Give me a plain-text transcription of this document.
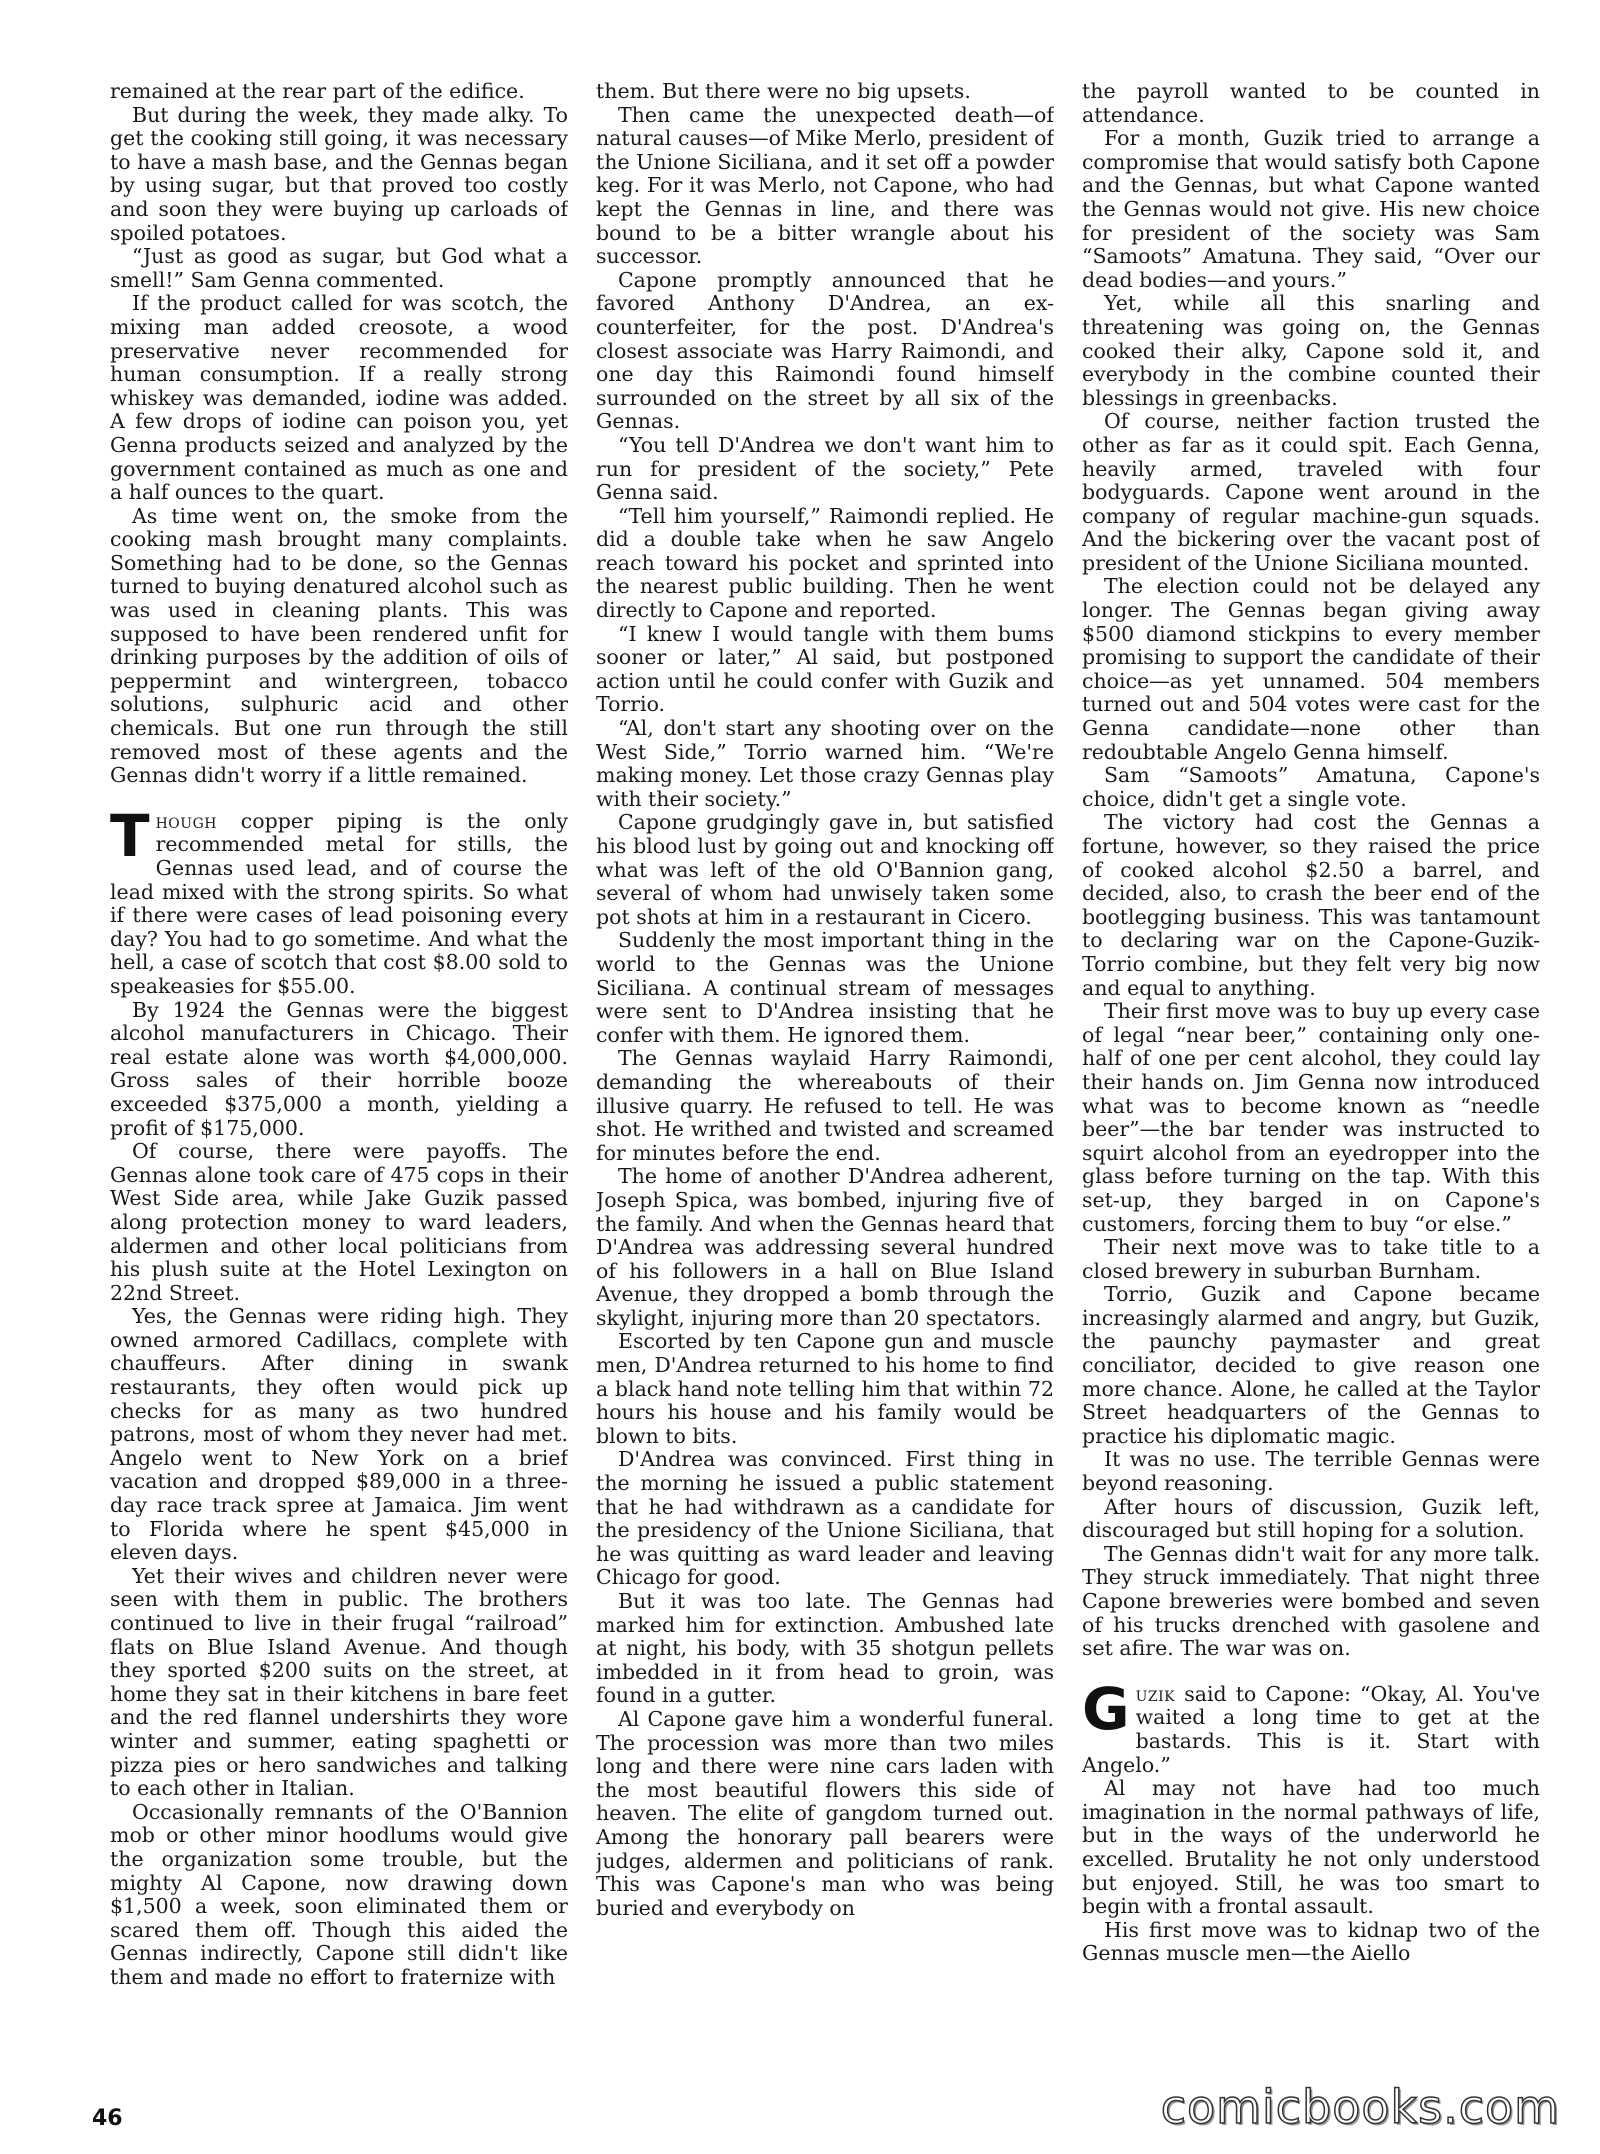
remained at the rear part of the edifice.

But during the week, they made alky. To get the cooking still going, it was necessary to have a mash base, and the Gennas began by using sugar, but that proved too costly and soon they were buying up carloads of spoiled potatoes.

“Just as good as sugar, but God what a smell!” Sam Genna commented.

If the product called for was scotch, the mixing man added creosote, a wood preservative never recommended for human consumption. If a really strong whiskey was demanded, iodine was added. A few drops of iodine can poison you, yet Genna products seized and analyzed by the government contained as much as one and a half ounces to the quart.

As time went on, the smoke from the cooking mash brought many complaints. Something had to be done, so the Gennas turned to buying denatured alcohol such as was used in cleaning plants. This was supposed to have been rendered unfit for drinking purposes by the addition of oils of peppermint and wintergreen, tobacco solutions, sulphuric acid and other chemicals. But one run through the still removed most of these agents and the Gennas didn't worry if a little remained.

Though copper piping is the only recommended metal for stills, the Gennas used lead, and of course the lead mixed with the strong spirits. So what if there were cases of lead poisoning every day? You had to go sometime. And what the hell, a case of scotch that cost $8.00 sold to speakeasies for $55.00.

By 1924 the Gennas were the biggest alcohol manufacturers in Chicago. Their real estate alone was worth $4,000,000. Gross sales of their horrible booze exceeded $375,000 a month, yielding a profit of $175,000.

Of course, there were payoffs. The Gennas alone took care of 475 cops in their West Side area, while Jake Guzik passed along protection money to ward leaders, aldermen and other local politicians from his plush suite at the Hotel Lexington on 22nd Street.

Yes, the Gennas were riding high. They owned armored Cadillacs, complete with chauffeurs. After dining in swank restaurants, they often would pick up checks for as many as two hundred patrons, most of whom they never had met. Angelo went to New York on a brief vacation and dropped $89,000 in a three-day race track spree at Jamaica. Jim went to Florida where he spent $45,000 in eleven days.

Yet their wives and children never were seen with them in public. The brothers continued to live in their frugal “railroad” flats on Blue Island Avenue. And though they sported $200 suits on the street, at home they sat in their kitchens in bare feet and the red flannel undershirts they wore winter and summer, eating spaghetti or pizza pies or hero sandwiches and talking to each other in Italian.

Occasionally remnants of the O'Bannion mob or other minor hoodlums would give the organization some trouble, but the mighty Al Capone, now drawing down $1,500 a week, soon eliminated them or scared them off. Though this aided the Gennas indirectly, Capone still didn't like them and made no effort to fraternize with

them. But there were no big upsets.

Then came the unexpected death—of natural causes—of Mike Merlo, president of the Unione Siciliana, and it set off a powder keg. For it was Merlo, not Capone, who had kept the Gennas in line, and there was bound to be a bitter wrangle about his successor.

Capone promptly announced that he favored Anthony D'Andrea, an ex-counterfeiter, for the post. D'Andrea's closest associate was Harry Raimondi, and one day this Raimondi found himself surrounded on the street by all six of the Gennas.

“You tell D'Andrea we don't want him to run for president of the society,” Pete Genna said.

“Tell him yourself,” Raimondi replied. He did a double take when he saw Angelo reach toward his pocket and sprinted into the nearest public building. Then he went directly to Capone and reported.

“I knew I would tangle with them bums sooner or later,” Al said, but postponed action until he could confer with Guzik and Torrio.

“Al, don't start any shooting over on the West Side,” Torrio warned him. “We're making money. Let those crazy Gennas play with their society.”

Capone grudgingly gave in, but satisfied his blood lust by going out and knocking off what was left of the old O'Bannion gang, several of whom had unwisely taken some pot shots at him in a restaurant in Cicero.

Suddenly the most important thing in the world to the Gennas was the Unione Siciliana. A continual stream of messages were sent to D'Andrea insisting that he confer with them. He ignored them.

The Gennas waylaid Harry Raimondi, demanding the whereabouts of their illusive quarry. He refused to tell. He was shot. He writhed and twisted and screamed for minutes before the end.

The home of another D'Andrea adherent, Joseph Spica, was bombed, injuring five of the family. And when the Gennas heard that D'Andrea was addressing several hundred of his followers in a hall on Blue Island Avenue, they dropped a bomb through the skylight, injuring more than 20 spectators.

Escorted by ten Capone gun and muscle men, D'Andrea returned to his home to find a black hand note telling him that within 72 hours his house and his family would be blown to bits.

D'Andrea was convinced. First thing in the morning he issued a public statement that he had withdrawn as a candidate for the presidency of the Unione Siciliana, that he was quitting as ward leader and leaving Chicago for good.

But it was too late. The Gennas had marked him for extinction. Ambushed late at night, his body, with 35 shotgun pellets imbedded in it from head to groin, was found in a gutter.

Al Capone gave him a wonderful funeral. The procession was more than two miles long and there were nine cars laden with the most beautiful flowers this side of heaven. The elite of gangdom turned out. Among the honorary pall bearers were judges, aldermen and politicians of rank. This was Capone's man who was being buried and everybody on

the payroll wanted to be counted in attendance.

For a month, Guzik tried to arrange a compromise that would satisfy both Capone and the Gennas, but what Capone wanted the Gennas would not give. His new choice for president of the society was Sam “Samoots” Amatuna. They said, “Over our dead bodies—and yours.”

Yet, while all this snarling and threatening was going on, the Gennas cooked their alky, Capone sold it, and everybody in the combine counted their blessings in greenbacks.

Of course, neither faction trusted the other as far as it could spit. Each Genna, heavily armed, traveled with four bodyguards. Capone went around in the company of regular machine-gun squads. And the bickering over the vacant post of president of the Unione Siciliana mounted.

The election could not be delayed any longer. The Gennas began giving away $500 diamond stickpins to every member promising to support the candidate of their choice—as yet unnamed. 504 members turned out and 504 votes were cast for the Genna candidate—none other than redoubtable Angelo Genna himself.

Sam “Samoots” Amatuna, Capone's choice, didn't get a single vote.

The victory had cost the Gennas a fortune, however, so they raised the price of cooked alcohol $2.50 a barrel, and decided, also, to crash the beer end of the bootlegging business. This was tantamount to declaring war on the Capone-Guzik-Torrio combine, but they felt very big now and equal to anything.

Their first move was to buy up every case of legal “near beer,” containing only one-half of one per cent alcohol, they could lay their hands on. Jim Genna now introduced what was to become known as “needle beer”—the bar tender was instructed to squirt alcohol from an eyedropper into the glass before turning on the tap. With this set-up, they barged in on Capone's customers, forcing them to buy “or else.”

Their next move was to take title to a closed brewery in suburban Burnham.

Torrio, Guzik and Capone became increasingly alarmed and angry, but Guzik, the paunchy paymaster and great conciliator, decided to give reason one more chance. Alone, he called at the Taylor Street headquarters of the Gennas to practice his diplomatic magic.

It was no use. The terrible Gennas were beyond reasoning.

After hours of discussion, Guzik left, discouraged but still hoping for a solution.

The Gennas didn't wait for any more talk. They struck immediately. That night three Capone breweries were bombed and seven of his trucks drenched with gasolene and set afire. The war was on.

Guzik said to Capone: “Okay, Al. You've waited a long time to get at the bastards. This is it. Start with Angelo.”

Al may not have had too much imagination in the normal pathways of life, but in the ways of the underworld he excelled. Brutality he not only understood but enjoyed. Still, he was too smart to begin with a frontal assault.

His first move was to kidnap two of the Gennas muscle men—the Aiello

46	comicbooks.com
